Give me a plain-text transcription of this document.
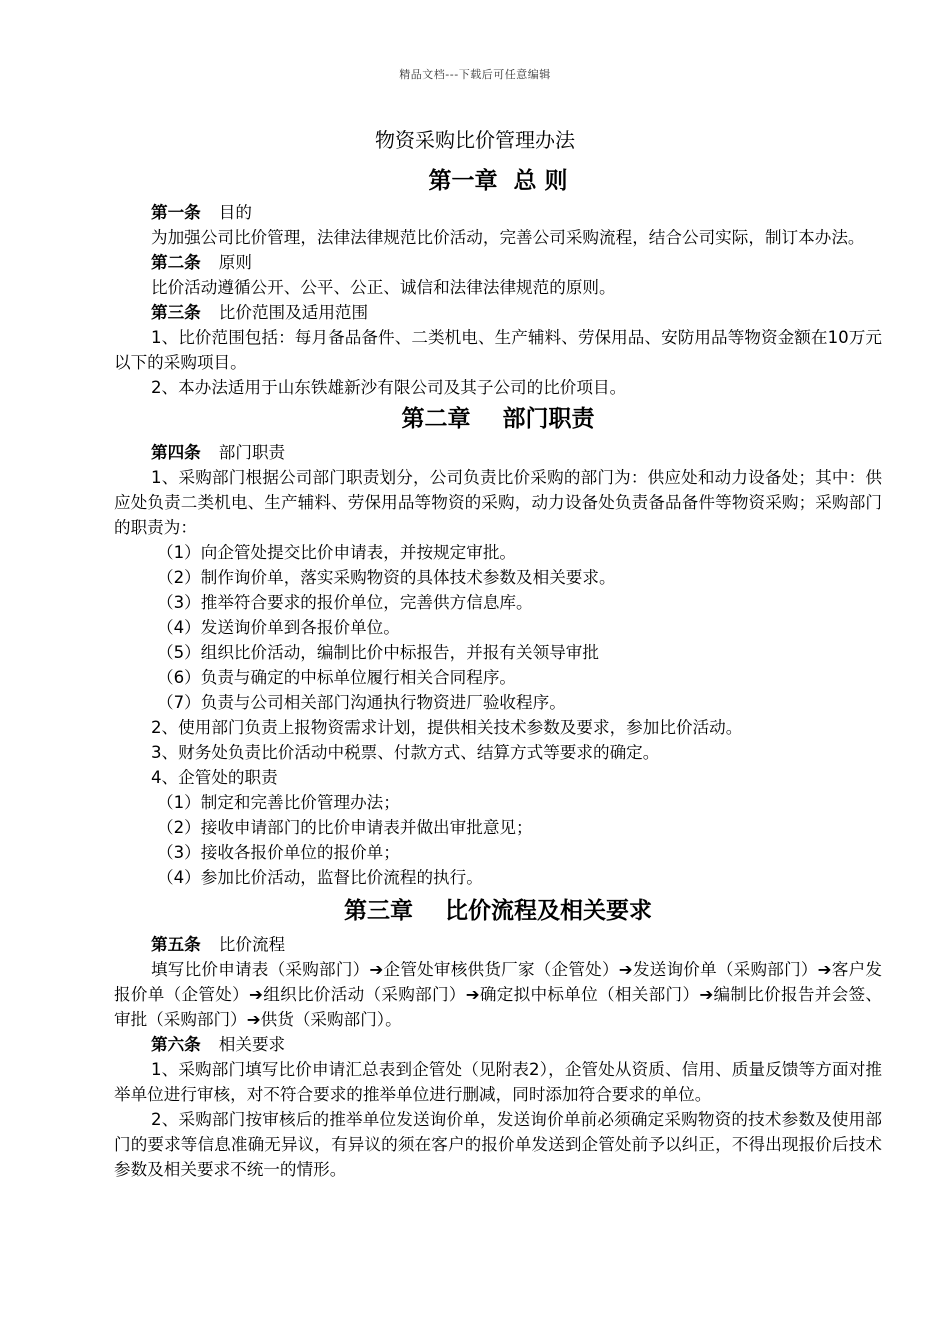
精品文档---下载后可任意编辑
物资采购比价管理办法
第一章  总 则

第一条 目的

为加强公司比价管理，法律法律规范比价活动，完善公司采购流程，结合公司实际，制订本办法。

第二条 原则

比价活动遵循公开、公平、公正、诚信和法律法律规范的原则。

第三条 比价范围及适用范围

1、比价范围包括：每月备品备件、二类机电、生产辅料、劳保用品、安防用品等物资金额在10万元以下的采购项目。

2、本办法适用于山东铁雄新沙有限公司及其子公司的比价项目。

第二章    部门职责

第四条 部门职责

1、采购部门根据公司部门职责划分，公司负责比价采购的部门为：供应处和动力设备处；其中：供应处负责二类机电、生产辅料、劳保用品等物资的采购，动力设备处负责备品备件等物资采购；采购部门的职责为：

（1）向企管处提交比价申请表，并按规定审批。

（2）制作询价单，落实采购物资的具体技术参数及相关要求。

（3）推举符合要求的报价单位，完善供方信息库。

（4）发送询价单到各报价单位。

（5）组织比价活动，编制比价中标报告，并报有关领导审批

（6）负责与确定的中标单位履行相关合同程序。

（7）负责与公司相关部门沟通执行物资进厂验收程序。

2、使用部门负责上报物资需求计划，提供相关技术参数及要求，参加比价活动。

3、财务处负责比价活动中税票、付款方式、结算方式等要求的确定。

4、企管处的职责

（1）制定和完善比价管理办法；

（2）接收申请部门的比价申请表并做出审批意见；

（3）接收各报价单位的报价单；

（4）参加比价活动，监督比价流程的执行。

第三章    比价流程及相关要求

第五条 比价流程

填写比价申请表（采购部门）➔企管处审核供货厂家（企管处）➔发送询价单（采购部门）➔客户发报价单（企管处）➔组织比价活动（采购部门）➔确定拟中标单位（相关部门）➔编制比价报告并会签、审批（采购部门）➔供货（采购部门）。

第六条 相关要求

1、采购部门填写比价申请汇总表到企管处（见附表2），企管处从资质、信用、质量反馈等方面对推举单位进行审核，对不符合要求的推举单位进行删减，同时添加符合要求的单位。

2、采购部门按审核后的推举单位发送询价单，发送询价单前必须确定采购物资的技术参数及使用部门的要求等信息准确无异议，有异议的须在客户的报价单发送到企管处前予以纠正，不得出现报价后技术参数及相关要求不统一的情形。
